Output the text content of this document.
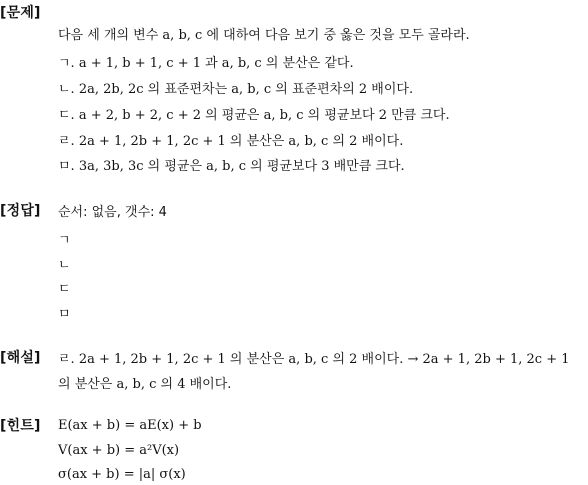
[문제]
다음 세 개의 변수 a, b, c 에 대하여 다음 보기 중 옳은 것을 모두 골라라.
ㄱ. a + 1, b + 1, c + 1 과 a, b, c 의 분산은 같다.
ㄴ. 2a, 2b, 2c 의 표준편차는 a, b, c 의 표준편차의 2 배이다.
ㄷ. a + 2, b + 2, c + 2 의 평균은 a, b, c 의 평균보다 2 만큼 크다.
ㄹ. 2a + 1, 2b + 1, 2c + 1 의 분산은 a, b, c 의 2 배이다.
ㅁ. 3a, 3b, 3c 의 평균은 a, b, c 의 평균보다 3 배만큼 크다.
[정답] 순서: 없음, 갯수: 4
ㄱ
ㄴ
ㄷ
ㅁ
[해설] ㄹ. 2a + 1, 2b + 1, 2c + 1 의 분산은 a, b, c 의 2 배이다. → 2a + 1, 2b + 1, 2c + 1
의 분산은 a, b, c 의 4 배이다.
[힌트] E(ax + b) = aE(x) + b
V(ax + b) = a²V(x)
σ(ax + b) = |a| σ(x)
